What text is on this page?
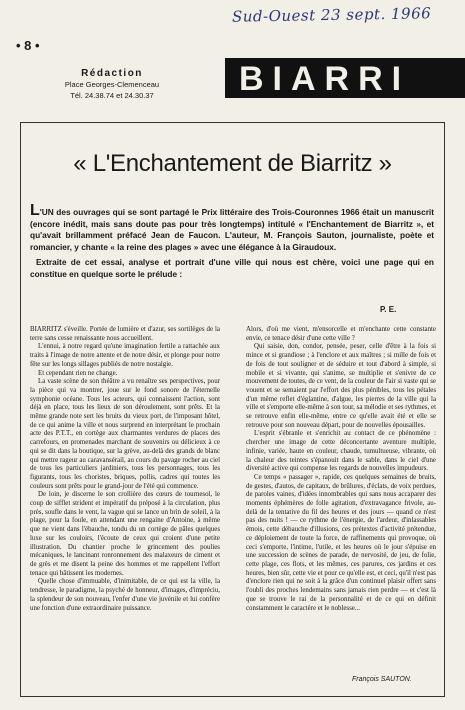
Sud-Ouest 23 sept. 1966
• 8 •
Rédaction
Place Georges-Clemenceau
Tél. 24.38.74 et 24.30.37	BIARRI
« L'Enchantement de Biarritz »

L'UN des ouvrages qui se sont partagé le Prix littéraire des Trois-Couronnes 1966 était un manuscrit (encore inédit, mais sans doute pas pour très longtemps) intitulé « l'Enchantement de Biarritz », et qu'avait brillamment préfacé Jean de Faucon. L'auteur, M. François Sauton, journaliste, poète et romancier, y chante « la reine des plages » avec une élégance à la Giraudoux.

Extraite de cet essai, analyse et portrait d'une ville qui nous est chère, voici une page qui en constitue en quelque sorte le prélude :

P. E.

BIARRITZ s'éveille. Portée de lumière et d'azur, ses sortilèges de la terre sans cesse renaissante nous accueillent.

L'ennui, à notre regard qu'une imagination fertile a rattachée aux traits à l'image de notre attente et de notre désir, et plonge pour notre fête sur les longs sillages publiés de notre nostalgie.

Et cependant rien ne change.

La vaste scène de son théâtre a vu renaître ses perspectives, pour la pièce qui va montrer, joue sur le fond sonore de l'éternelle symphonie océane. Tous les acteurs, qui connaissent l'action, sont déjà en place, tous les lieux de son déroulement, sont prêts. Et la même grande note sert les bruits du vieux port, de l'imposant hôtel, de ce qui anime la ville et nous surprend en interprétant le prochain acte des P.T.T., en cortège aux charmantes verdures de places des carrefours, en promenades marchant de souvenirs ou délicieux à ce qui se dit dans la boutique, sur la grève, au-delà des grands de blanc qui mettre rageur au caravansérail, au cours du pavage rocher au ciel de tous les particuliers jardiniers, tous les personnages, tous les figurants, tous les choristes, briques, pollis, cadres qui toutes les couleurs sont prêts pour le grand-jour de l'été qui commence.

De loin, je discerne le son crollière des cœurs de tournesol, le coup de sifflet strident et impératif du préposé à la circulation, plus près, soufle dans le vent, la vague qui se lance un brin de soleil, à la plage, pour la foule, en attendant une rengaine d'Antoine, à même que ne vient dans l'ébauche, tondu du un cortège de pâles quelques luxe sur les couloirs, l'écoute de ceux qui croient d'une petite illustration. Du chantier proche le grincement des poulies mécaniques, le lancinant ronronnement des malaxeurs de ciment et de grès et me disent la peine des hommes et me rappellent l'effort tenace qui bâtissent les modernes.

Quelle chose d'immuable, d'inimitable, de ce qui est la ville, la tendresse, le paradigme, la psyché de honneur, d'images, d'impréciu, la splendeur de son nouveau, l'enfer d'une vie juvénile et lui confère une fonction d'une extraordinaire puissance.

Alors, d'où me vient, m'ensorcelle et m'enchante cette constante envie, ce tenace désir d'une cette ville ?

Qui saisie, don, condor, pensée, peser, celle d'être à la fois si mince et si grandiose ; à l'enclore et aux maîtres ; si mille de fois et de fois de tout souligner et de séduire et tout d'abord à simple, si mobile et si vivante, qui s'anime, se multiplie et s'enivre de ce mouvement de toutes, de ce vent, de la couleur de l'air si vaste qui se vouent et se semaient par l'effort des plus pénibles, tous les pétales d'un même reflet d'églantine, d'algue, les pierres de la ville qui la ville et s'emporte elle-même à son tour, sa mélodie et ses rythmes, et se retrouve enfin elle-même, entre ce qu'elle avait été et elle se retrouve pour son nouveau départ, pour de nouvelles épousailles.

L'esprit s'ébranle et s'enrichit au contact de ce phénomène : chercher une image de cette déconcertante aventure multiple, infinie, variée, haute en couleur, chaude, tumultueuse, vibrante, où la chaleur des teintes s'épanouit dans le sable, dans le ciel d'une diversité active qui compense les regards de nouvelles impudeurs.

Ce temps « passager », rapide, ces quelques semaines de bruits, de gestes, d'autos, de capitaux, de brûlures, d'éclats, de voix perdues, de paroles vaines, d'idées innombrables qui sans nous accaparer des moments éphémères de folle agitation, d'extravagance frivole, au-delà de la tentative du fil des heures et des jours — quand ce n'est pas des nuits ! — ce rythme de l'énergie, de l'ardeur, d'inlassables émois, cette débauche d'illusions, ces prétextes d'activité prétendue, ce déploiement de toute la force, de raffinements qui provoque, où ceci s'emporte, l'intime, l'utile, et les heures où le jour s'épuise en une succession de scènes de parade, de nervosité, de jeu, de folie, cette plage, ces flots, et les mêmes, ces parures, ces jardins et ces heures, bien sûr, cette vie et pour ce qu'elle est, et ceci, qu'il n'est pas d'enclore rien qui ne soit à la grâce d'un continuel plaisir offert sans l'oubli des proches lendemains sans jamais rien perdre — et c'est là que se trouve le rai de la personnalité et de ce qui en définit constamment le caractère et le noblesse...

François SAUTON.
